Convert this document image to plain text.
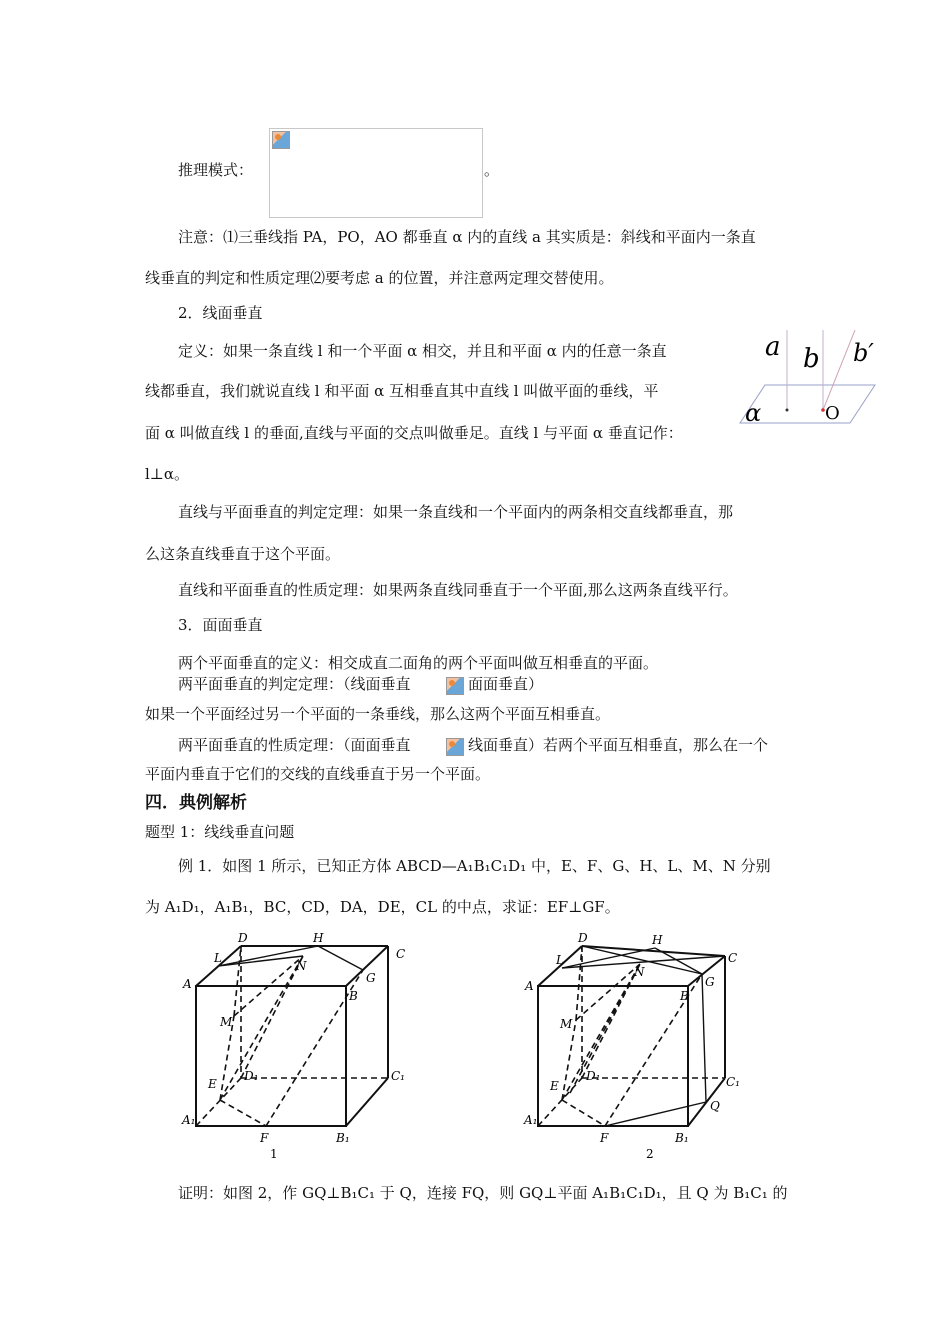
推理模式：	。
注意：⑴三垂线指 PA，PO，AO 都垂直 α 内的直线 a 其实质是：斜线和平面内一条直
线垂直的判定和性质定理⑵要考虑 a 的位置，并注意两定理交替使用。
2．线面垂直
定义：如果一条直线 l 和一个平面 α 相交，并且和平面 α 内的任意一条直
线都垂直，我们就说直线 l 和平面 α 互相垂直其中直线 l 叫做平面的垂线，平
面 α 叫做直线 l 的垂面,直线与平面的交点叫做垂足。直线 l 与平面 α 垂直记作：
l⊥α。
a b b′
α	O
直线与平面垂直的判定定理：如果一条直线和一个平面内的两条相交直线都垂直，那
么这条直线垂直于这个平面。
直线和平面垂直的性质定理：如果两条直线同垂直于一个平面,那么这两条直线平行。
3．面面垂直
两个平面垂直的定义：相交成直二面角的两个平面叫做互相垂直的平面。
两平面垂直的判定定理：（线面垂直	面面垂直）
如果一个平面经过另一个平面的一条垂线，那么这两个平面互相垂直。
两平面垂直的性质定理：（面面垂直	线面垂直）若两个平面互相垂直，那么在一个
平面内垂直于它们的交线的直线垂直于另一个平面。
四．典例解析
题型 1：线线垂直问题
例 1．如图 1 所示，已知正方体 ABCD—A₁B₁C₁D₁ 中，E、F、G、H、L、M、N 分别
为 A₁D₁，A₁B₁，BC，CD，DA，DE，CL 的中点，求证：EF⊥GF。
A
L
D	H
N
C
G
B
M
E
D₁	C₁
A₁
F	B₁
1
A
L
D	H
N
C
G
B
M
E
D₁	C₁
Q
A₁
F	B₁
2
证明：如图 2，作 GQ⊥B₁C₁ 于 Q，连接 FQ，则 GQ⊥平面 A₁B₁C₁D₁，且 Q 为 B₁C₁ 的
